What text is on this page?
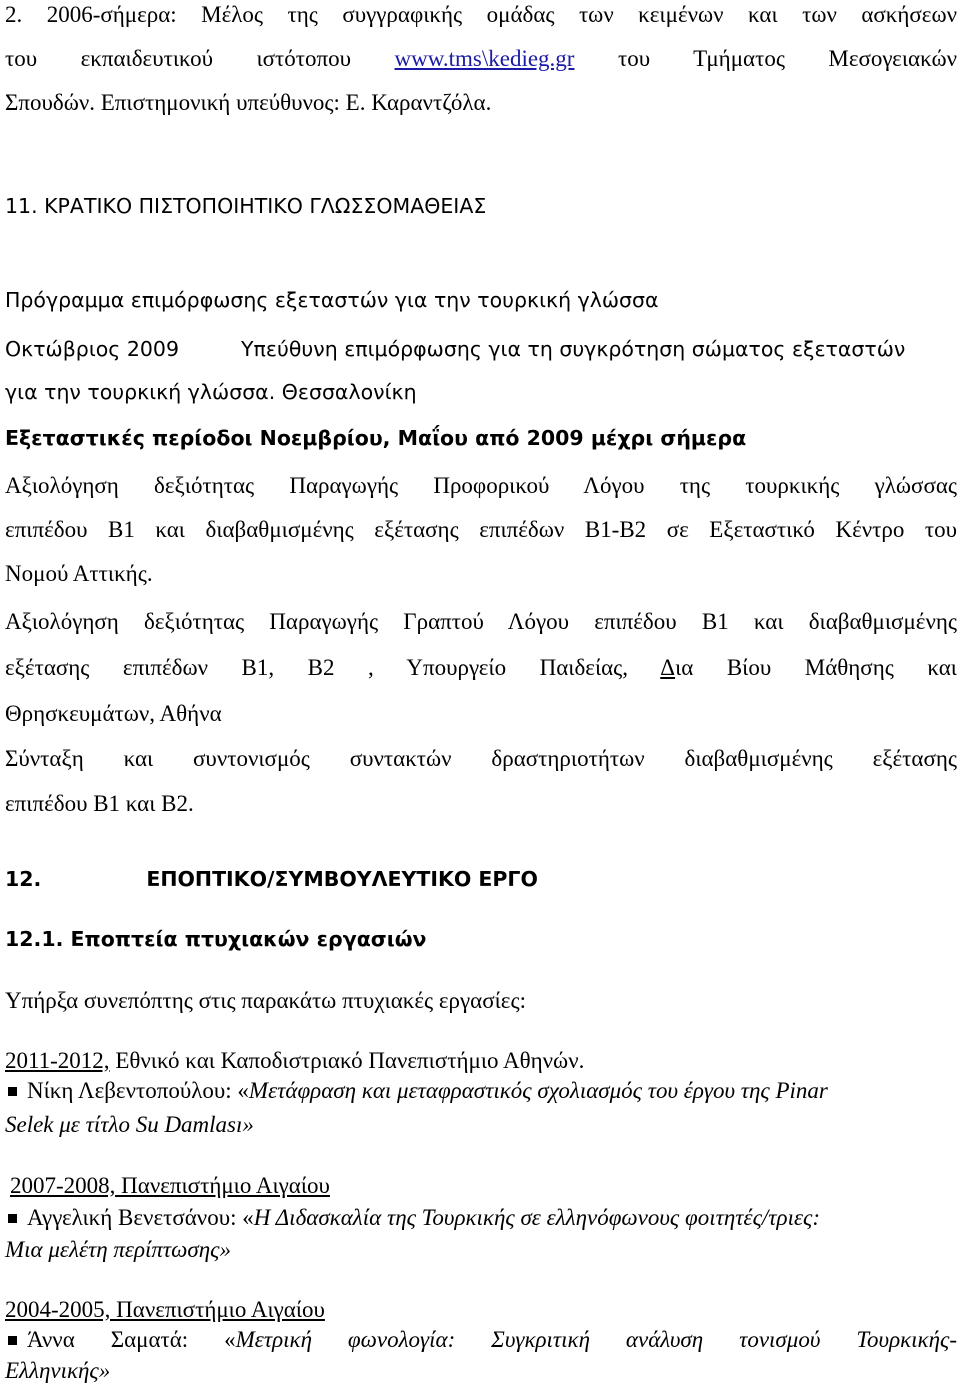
2. 2006-σήμερα: Μέλος της συγγραφικής ομάδας των κειμένων και των ασκήσεων
του εκπαιδευτικού ιστότοπου www.tms\kedieg.gr του Τμήματος Μεσογειακών
Σπουδών. Επιστημονική υπεύθυνος: Ε. Καραντζόλα.
11. ΚΡΑΤΙΚΟ ΠΙΣΤΟΠΟΙΗΤΙΚΟ ΓΛΩΣΣΟΜΑΘΕΙΑΣ
Πρόγραμμα επιμόρφωσης εξεταστών για την τουρκική γλώσσα
Οκτώβριος 2009	Υπεύθυνη επιμόρφωσης για τη συγκρότηση σώματος εξεταστών
για την τουρκική γλώσσα. Θεσσαλονίκη
Εξεταστικές περίοδοι Νοεμβρίου, Μαΐου από 2009 μέχρι σήμερα
Αξιολόγηση δεξιότητας Παραγωγής Προφορικού Λόγου της τουρκικής γλώσσας
επιπέδου Β1 και διαβαθμισμένης εξέτασης επιπέδων Β1-Β2 σε Εξεταστικό Κέντρο του
Νομού Αττικής.
Αξιολόγηση δεξιότητας Παραγωγής Γραπτού Λόγου επιπέδου Β1 και διαβαθμισμένης
εξέτασης επιπέδων Β1, Β2 , Υπουργείο Παιδείας, Δια Βίου Μάθησης και
Θρησκευμάτων, Αθήνα
Σύνταξη και συντονισμός συντακτών δραστηριοτήτων διαβαθμισμένης εξέτασης
επιπέδου Β1 και Β2.
12.	ΕΠΟΠΤΙΚΟ/ΣΥΜΒΟΥΛΕΥΤΙΚΟ ΕΡΓΟ
12.1. Εποπτεία πτυχιακών εργασιών
Υπήρξα συνεπόπτης στις παρακάτω πτυχιακές εργασίες:
2011-2012, Εθνικό και Καποδιστριακό Πανεπιστήμιο Αθηνών.
Νίκη Λεβεντοπούλου: «Μετάφραση και μεταφραστικός σχολιασμός του έργου της Pinar
Selek με τίτλο Su Damlası»
2007-2008, Πανεπιστήμιο Αιγαίου
Αγγελική Βενετσάνου: «Η Διδασκαλία της Τουρκικής σε ελληνόφωνους φοιτητές/τριες:
Μια μελέτη περίπτωσης»
2004-2005, Πανεπιστήμιο Αιγαίου
Άννα Σαματά: «Μετρική φωνολογία: Συγκριτική ανάλυση τονισμού Τουρκικής-
Ελληνικής»
